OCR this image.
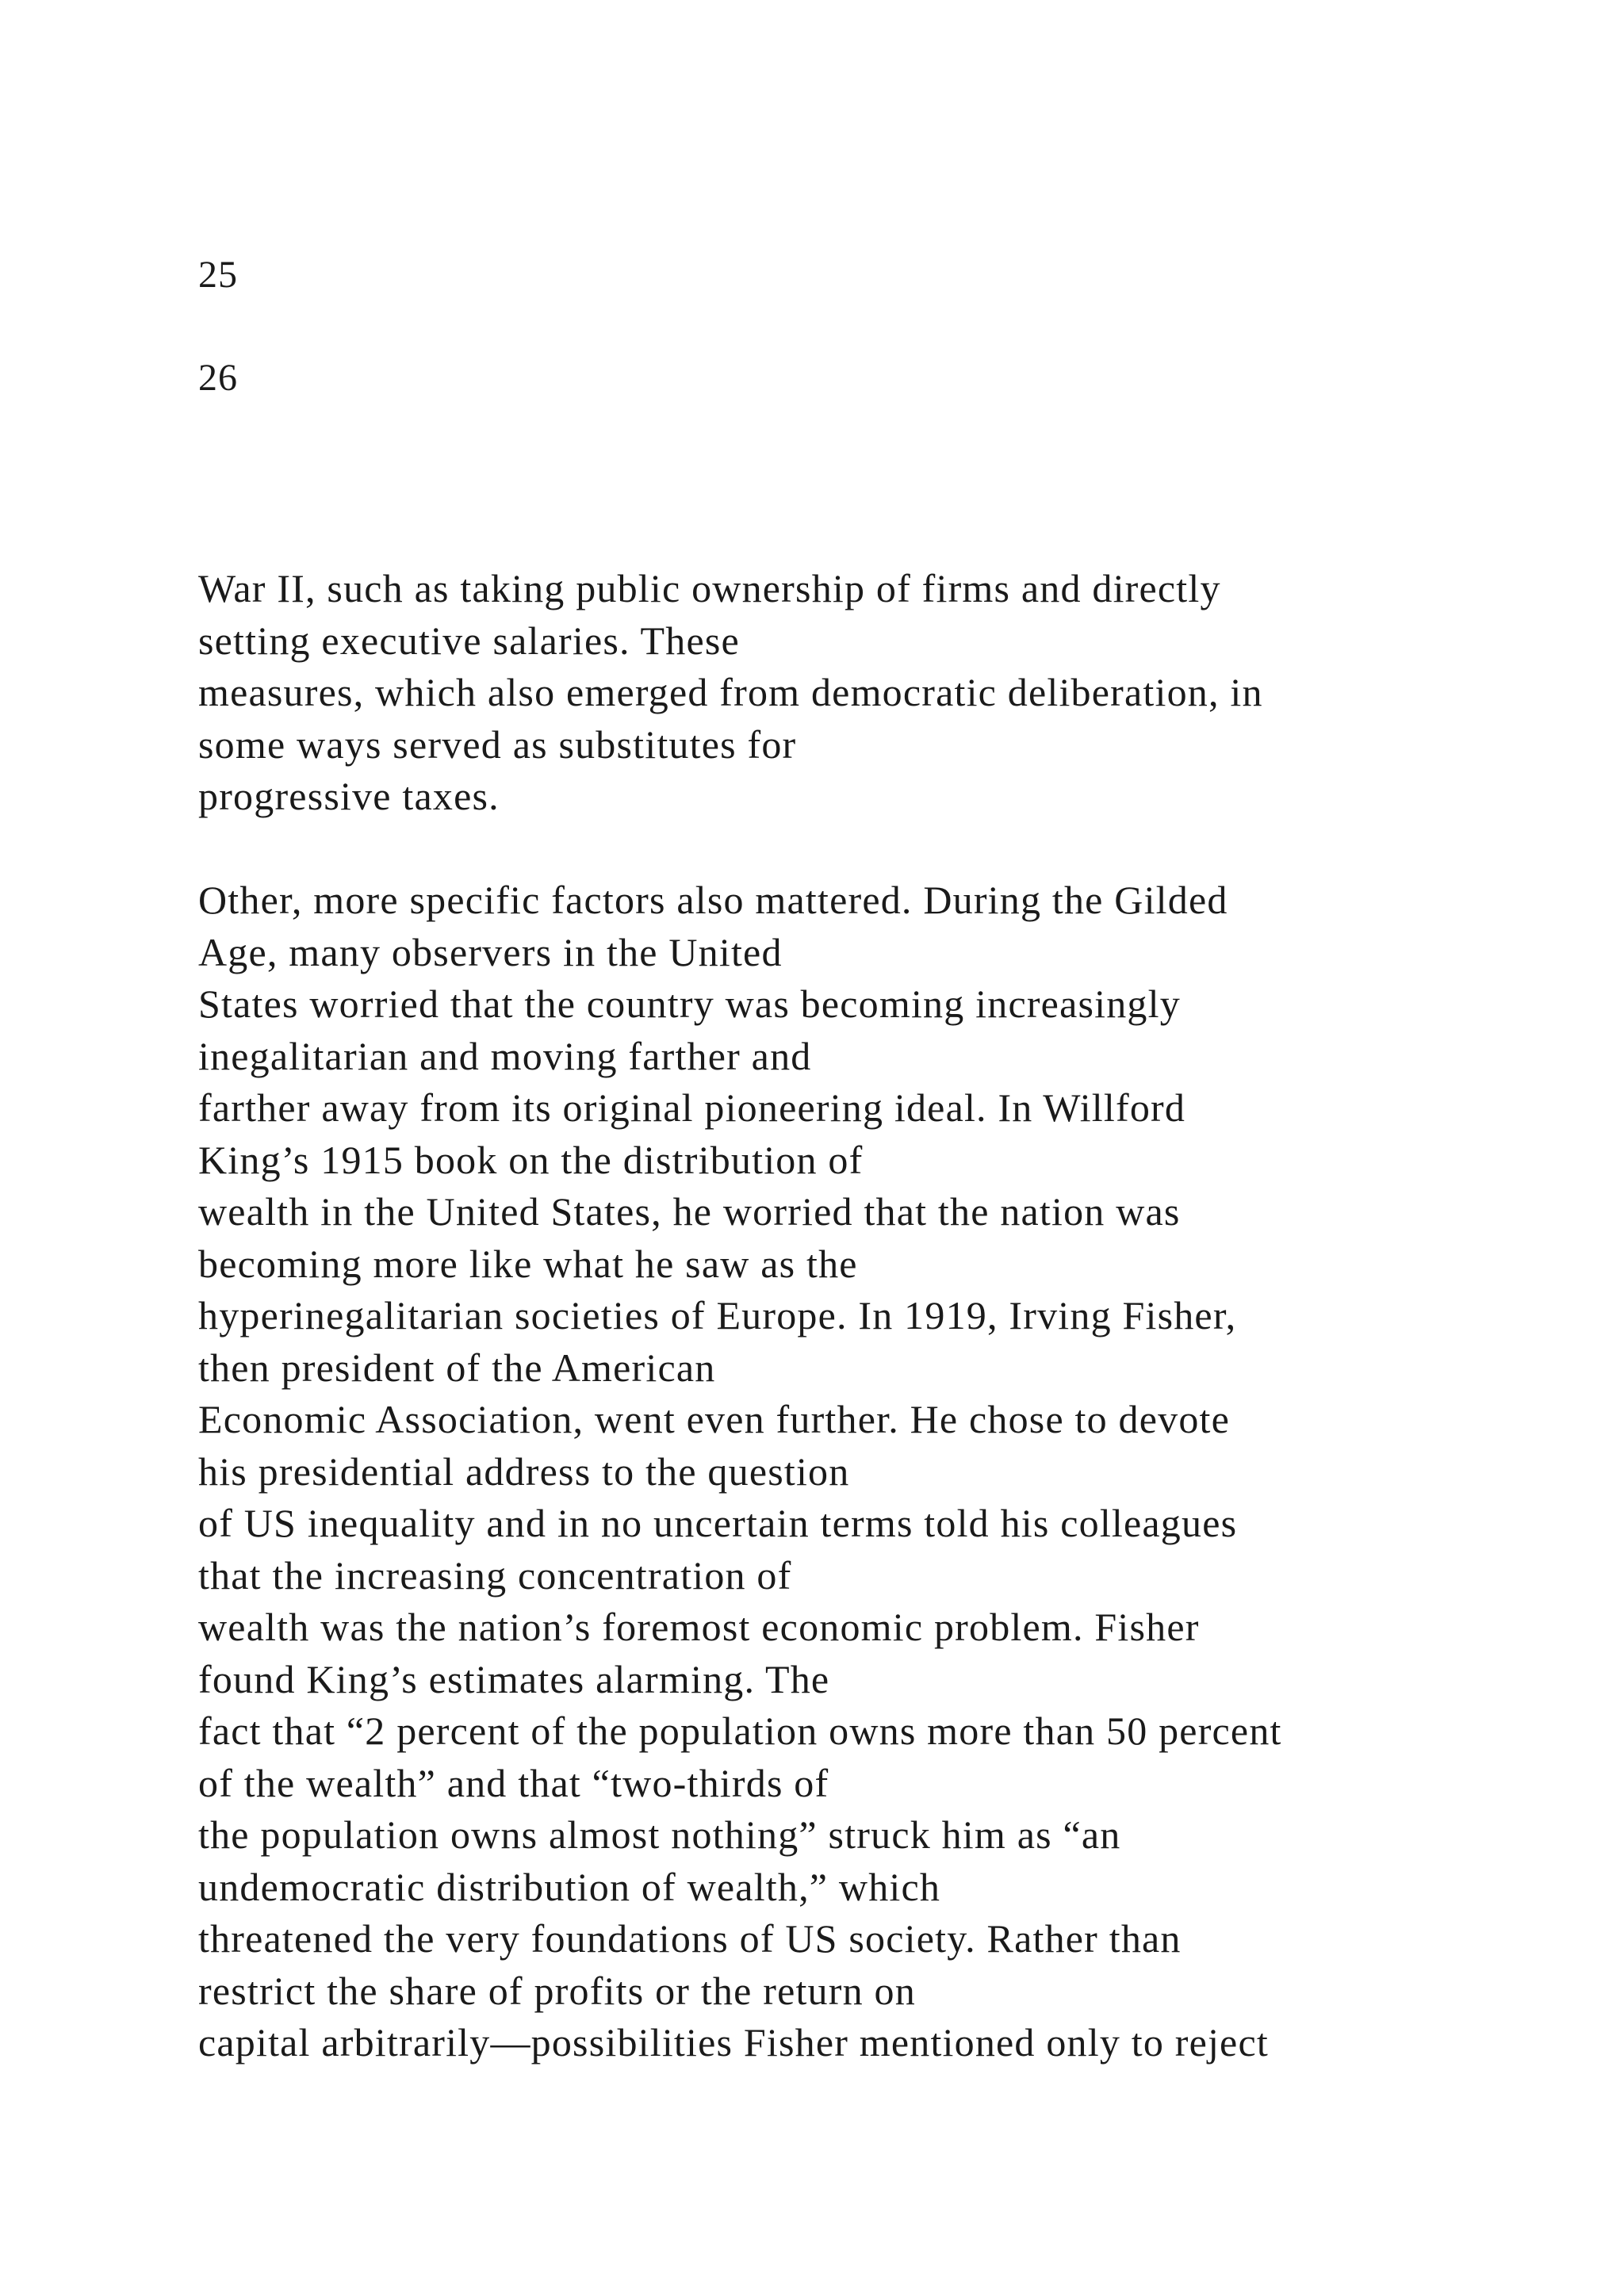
25

26

War II, such as taking public ownership of firms and directly
setting executive salaries. These
measures, which also emerged from democratic deliberation, in
some ways served as substitutes for
progressive taxes.
Other, more specific factors also mattered. During the Gilded
Age, many observers in the United
States worried that the country was becoming increasingly
inegalitarian and moving farther and
farther away from its original pioneering ideal. In Willford
King’s 1915 book on the distribution of
wealth in the United States, he worried that the nation was
becoming more like what he saw as the
hyperinegalitarian societies of Europe. In 1919, Irving Fisher,
then president of the American
Economic Association, went even further. He chose to devote
his presidential address to the question
of US inequality and in no uncertain terms told his colleagues
that the increasing concentration of
wealth was the nation’s foremost economic problem. Fisher
found King’s estimates alarming. The
fact that “2 percent of the population owns more than 50 percent
of the wealth” and that “two-thirds of
the population owns almost nothing” struck him as “an
undemocratic distribution of wealth,” which
threatened the very foundations of US society. Rather than
restrict the share of profits or the return on
capital arbitrarily—possibilities Fisher mentioned only to reject
